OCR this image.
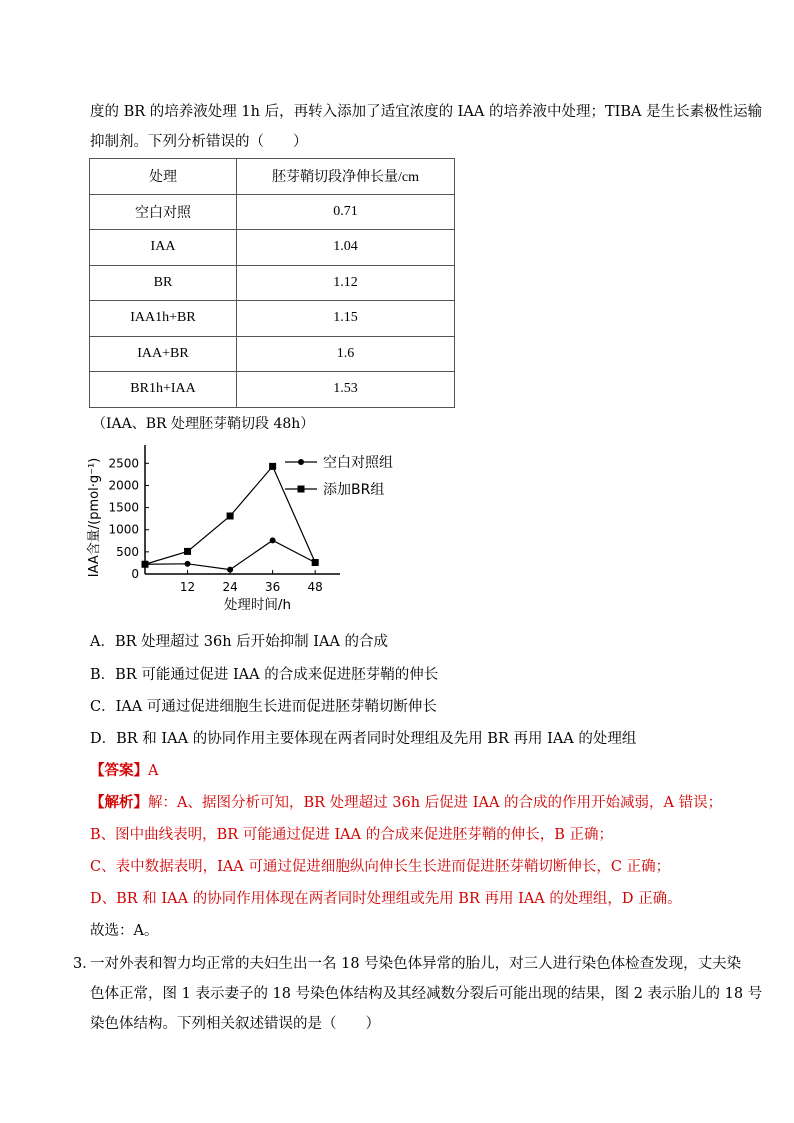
度的 BR 的培养液处理 1h 后，再转入添加了适宜浓度的 IAA 的培养液中处理；TIBA 是生长素极性运输
抑制剂。下列分析错误的（　　）
处理	胚芽鞘切段净伸长量/cm
空白对照	0.71
IAA	1.04
BR	1.12
IAA1h+BR	1.15
IAA+BR	1.6
BR1h+IAA	1.53
（IAA、BR 处理胚芽鞘切段 48h）
0
500
1000
1500
2000
2500
12 24 36 48
处理时间/h
IAA含量/(pmol·g⁻¹)	空白对照组
添加BR组
A．BR 处理超过 36h 后开始抑制 IAA 的合成
B．BR 可能通过促进 IAA 的合成来促进胚芽鞘的伸长
C．IAA 可通过促进细胞生长进而促进胚芽鞘切断伸长
D．BR 和 IAA 的协同作用主要体现在两者同时处理组及先用 BR 再用 IAA 的处理组
【答案】A
【解析】解：A、据图分析可知，BR 处理超过 36h 后促进 IAA 的合成的作用开始减弱，A 错误；
B、图中曲线表明，BR 可能通过促进 IAA 的合成来促进胚芽鞘的伸长，B 正确；
C、表中数据表明，IAA 可通过促进细胞纵向伸长生长进而促进胚芽鞘切断伸长，C 正确；
D、BR 和 IAA 的协同作用体现在两者同时处理组或先用 BR 再用 IAA 的处理组，D 正确。
故选：A。
3．
一对外表和智力均正常的夫妇生出一名 18 号染色体异常的胎儿，对三人进行染色体检查发现，丈夫染
色体正常，图 1 表示妻子的 18 号染色体结构及其经减数分裂后可能出现的结果，图 2 表示胎儿的 18 号
染色体结构。下列相关叙述错误的是（　　）
